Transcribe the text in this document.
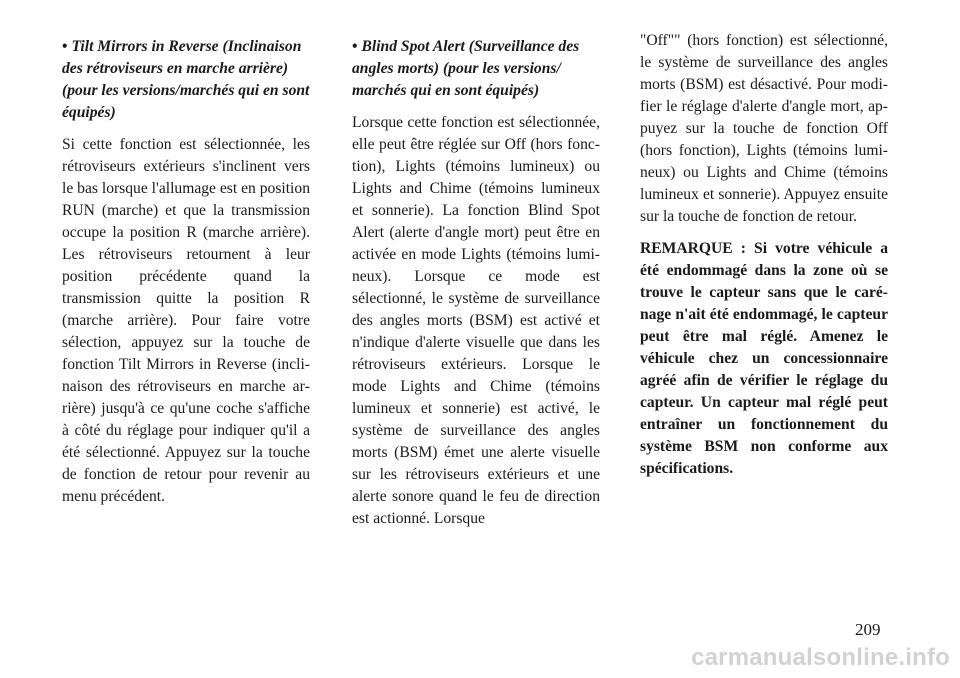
• Tilt Mirrors in Reverse (Inclinaison des rétroviseurs en marche arrière) (pour les versions/marchés qui en sont équipés)

Si cette fonction est sélectionnée, les rétroviseurs extérieurs s'inclinent vers le bas lorsque l'allumage est en position RUN (marche) et que la transmission occupe la position R (marche arrière). Les rétroviseurs retournent à leur position précédente quand la transmission quitte la position R (marche arrière). Pour faire votre sélection, appuyez sur la touche de fonction Tilt Mirrors in Reverse (inclinaison des rétroviseurs en marche arrière) jusqu'à ce qu'une coche s'affiche à côté du réglage pour indiquer qu'il a été sélectionné. Appuyez sur la touche de fonction de retour pour revenir au menu précédent.

• Blind Spot Alert (Surveillance des angles morts) (pour les versions/ marchés qui en sont équipés)

Lorsque cette fonction est sélectionnée, elle peut être réglée sur Off (hors fonction), Lights (témoins lumineux) ou Lights and Chime (témoins lumineux et sonnerie). La fonction Blind Spot Alert (alerte d'angle mort) peut être en activée en mode Lights (témoins lumineux). Lorsque ce mode est sélectionné, le système de surveillance des angles morts (BSM) est activé et n'indique d'alerte visuelle que dans les rétroviseurs extérieurs. Lorsque le mode Lights and Chime (témoins lumineux et sonnerie) est activé, le système de surveillance des angles morts (BSM) émet une alerte visuelle sur les rétroviseurs extérieurs et une alerte sonore quand le feu de direction est actionné. Lorsque

"Off"" (hors fonction) est sélectionné, le système de surveillance des angles morts (BSM) est désactivé. Pour modifier le réglage d'alerte d'angle mort, appuyez sur la touche de fonction Off (hors fonction), Lights (témoins lumineux) ou Lights and Chime (témoins lumineux et sonnerie). Appuyez ensuite sur la touche de fonction de retour.

REMARQUE : Si votre véhicule a été endommagé dans la zone où se trouve le capteur sans que le carénage n'ait été endommagé, le capteur peut être mal réglé. Amenez le véhicule chez un concessionnaire agréé afin de vérifier le réglage du capteur. Un capteur mal réglé peut entraîner un fonctionnement du système BSM non conforme aux spécifications.

209
carmanualsonline.info
